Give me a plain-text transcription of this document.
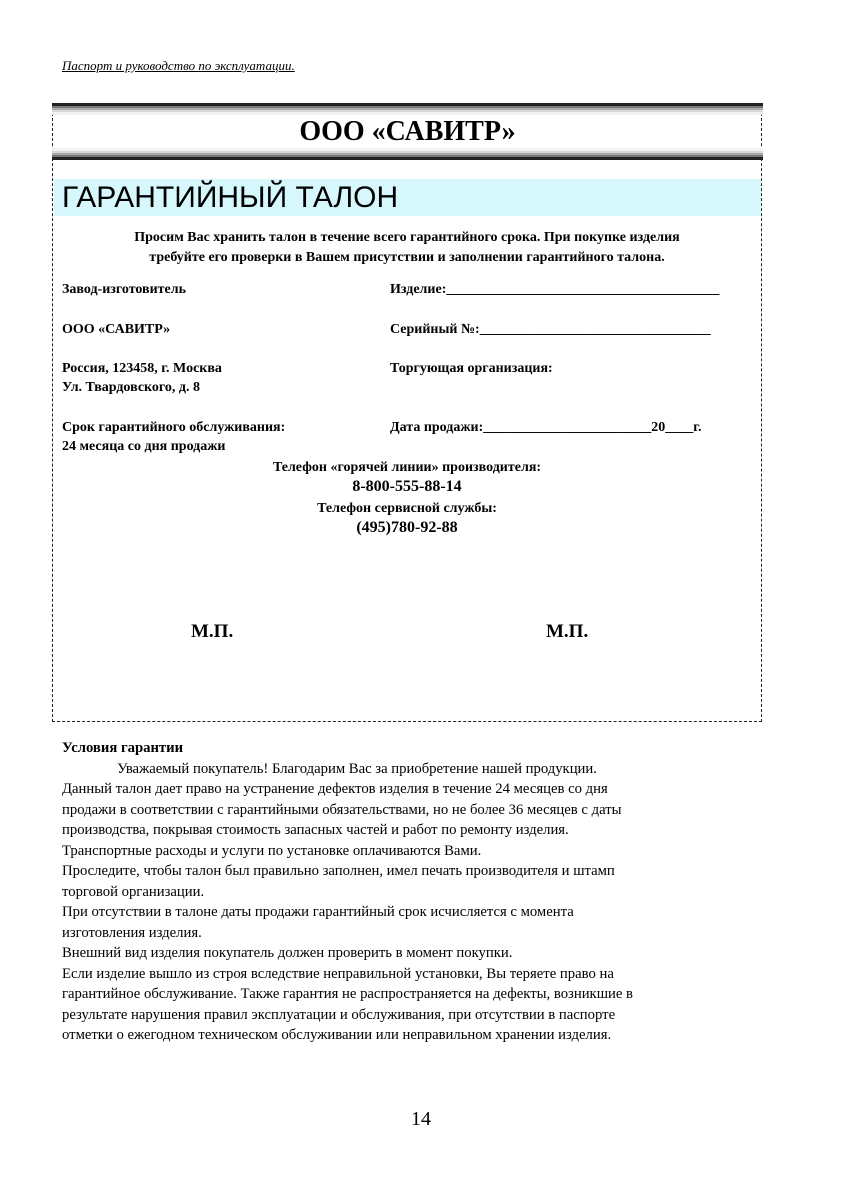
Паспорт и руководство по эксплуатации.
ООО «САВИТР»
ГАРАНТИЙНЫЙ ТАЛОН
Просим Вас хранить талон в течение всего гарантийного срока. При покупке изделия
требуйте его проверки в Вашем присутствии и заполнении гарантийного талона.
Завод-изготовитель
ООО «САВИТР»
Россия, 123458, г. Москва
Ул. Твардовского, д. 8
Срок гарантийного обслуживания:
24 месяца со дня продажи
Изделие:_______________________________________
Серийный №:_________________________________
Торгующая организация:
Дата продажи:________________________20____г.
Телефон «горячей линии» производителя:
8-800-555-88-14
Телефон сервисной службы:
(495)780-92-88
М.П.	М.П.
Условия гарантии
Уважаемый покупатель! Благодарим Вас за приобретение нашей продукции.
Данный талон дает право на устранение дефектов изделия в течение 24 месяцев со дня
продажи в соответствии с гарантийными обязательствами, но не более 36 месяцев с даты
производства, покрывая стоимость запасных частей и работ по ремонту изделия.
Транспортные расходы и услуги по установке оплачиваются Вами.
Проследите, чтобы талон был правильно заполнен, имел печать производителя и штамп
торговой организации.
При отсутствии в талоне даты продажи гарантийный срок исчисляется с момента
изготовления изделия.
Внешний вид изделия покупатель должен проверить в момент покупки.
Если изделие вышло из строя вследствие неправильной установки, Вы теряете право на
гарантийное обслуживание. Также гарантия не распространяется на дефекты, возникшие в
результате нарушения правил эксплуатации и обслуживания, при отсутствии в паспорте
отметки о ежегодном техническом обслуживании или неправильном хранении изделия.
14
